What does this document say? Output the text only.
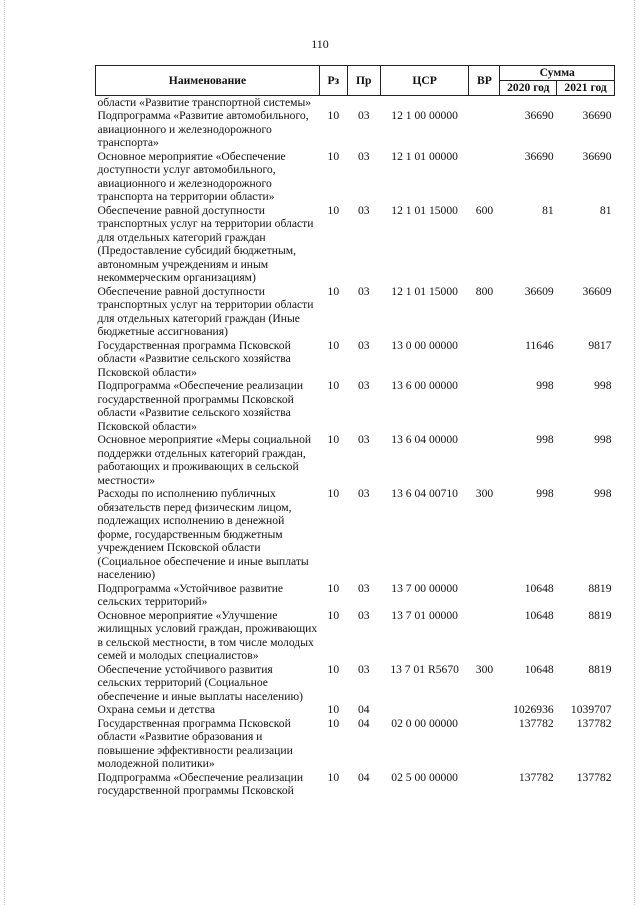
110
Наименование	Рз	Пр	ЦСР	ВР	Сумма	
					2020 год	2021 год
области «Развитие транспортной системы»						
Подпрограмма «Развитие автомобильного, авиационного и железнодорожного транспорта»	10	03	12 1 00 00000		36690	36690
Основное мероприятие «Обеспечение доступности услуг автомобильного, авиационного и железнодорожного транспорта на территории области»	10	03	12 1 01 00000		36690	36690
Обеспечение равной доступности транспортных услуг на территории области для отдельных категорий граждан (Предоставление субсидий бюджетным, автономным учреждениям и иным некоммерческим организациям)	10	03	12 1 01 15000	600	81	81
Обеспечение равной доступности транспортных услуг на территории области для отдельных категорий граждан (Иные бюджетные ассигнования)	10	03	12 1 01 15000	800	36609	36609
Государственная программа Псковской области «Развитие сельского хозяйства Псковской области»	10	03	13 0 00 00000		11646	9817
Подпрограмма «Обеспечение реализации государственной программы Псковской области «Развитие сельского хозяйства Псковской области»	10	03	13 6 00 00000		998	998
Основное мероприятие «Меры социальной поддержки отдельных категорий граждан, работающих и проживающих в сельской местности»	10	03	13 6 04 00000		998	998
Расходы по исполнению публичных обязательств перед физическим лицом, подлежащих исполнению в денежной форме, государственным бюджетным учреждением Псковской области (Социальное обеспечение и иные выплаты населению)	10	03	13 6 04 00710	300	998	998
Подпрограмма «Устойчивое развитие сельских территорий»	10	03	13 7 00 00000		10648	8819
Основное мероприятие «Улучшение жилищных условий граждан, проживающих в сельской местности, в том числе молодых семей и молодых специалистов»	10	03	13 7 01 00000		10648	8819
Обеспечение устойчивого развития сельских территорий (Социальное обеспечение и иные выплаты населению)	10	03	13 7 01 R5670	300	10648	8819
Охрана семьи и детства	10	04			1026936	1039707
Государственная программа Псковской области «Развитие образования и повышение эффективности реализации молодежной политики»	10	04	02 0 00 00000		137782	137782
Подпрограмма «Обеспечение реализации государственной программы Псковской	10	04	02 5 00 00000		137782	137782
